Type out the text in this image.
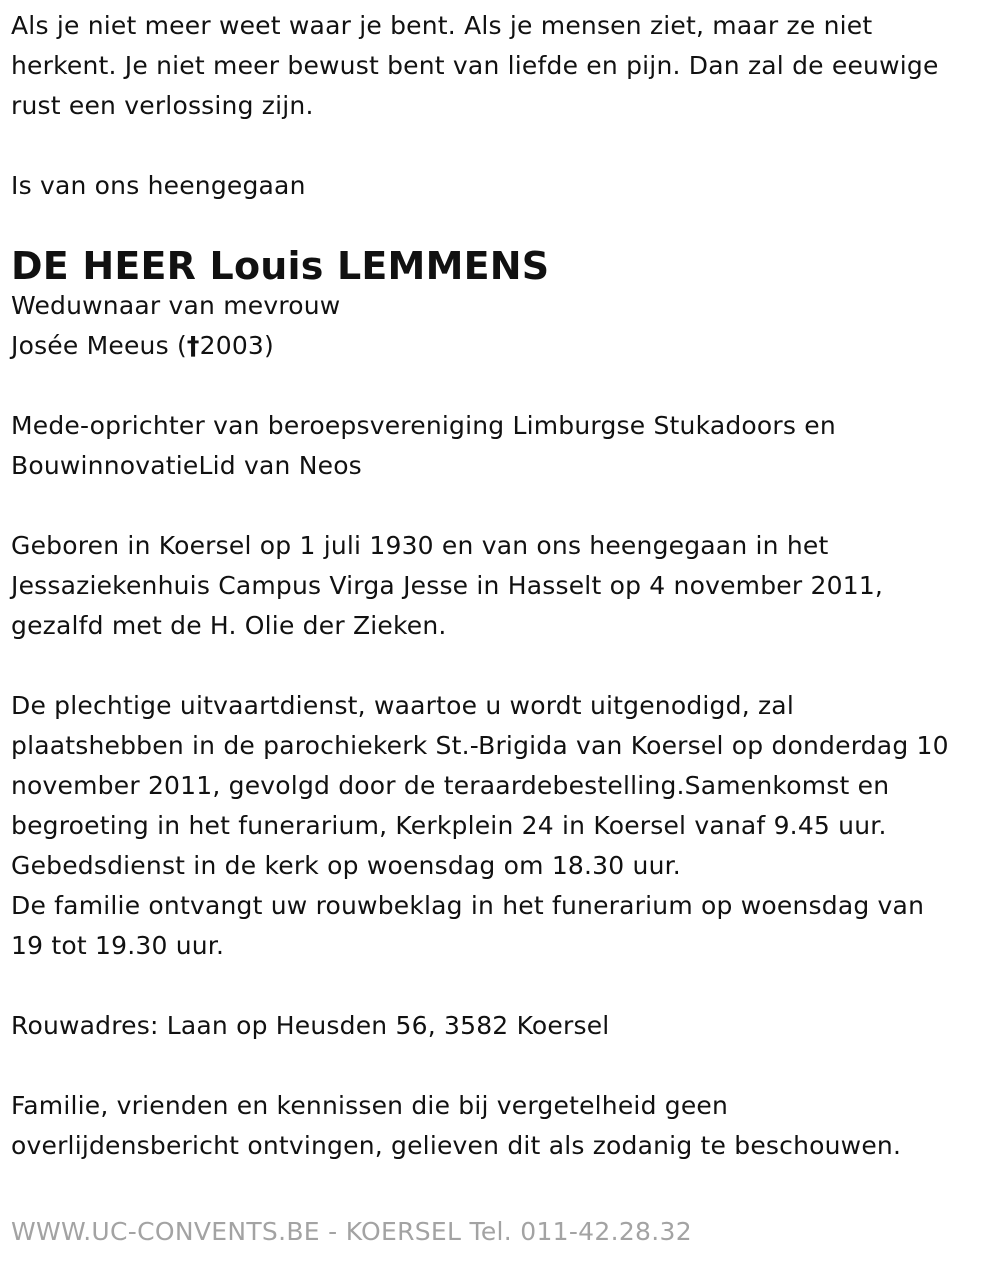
Als je niet meer weet waar je bent. Als je mensen ziet, maar ze niet
herkent. Je niet meer bewust bent van liefde en pijn. Dan zal de eeuwige
rust een verlossing zijn.
Is van ons heengegaan
DE HEER Louis LEMMENS
Weduwnaar van mevrouw
Josée Meeus (†2003)
Mede-oprichter van beroepsvereniging Limburgse Stukadoors en
BouwinnovatieLid van Neos
Geboren in Koersel op 1 juli 1930 en van ons heengegaan in het
Jessaziekenhuis Campus Virga Jesse in Hasselt op 4 november 2011,
gezalfd met de H. Olie der Zieken.
De plechtige uitvaartdienst, waartoe u wordt uitgenodigd, zal
plaatshebben in de parochiekerk St.-Brigida van Koersel op donderdag 10
november 2011, gevolgd door de teraardebestelling.Samenkomst en
begroeting in het funerarium, Kerkplein 24 in Koersel vanaf 9.45 uur.
Gebedsdienst in de kerk op woensdag om 18.30 uur.
De familie ontvangt uw rouwbeklag in het funerarium op woensdag van
19 tot 19.30 uur.
Rouwadres: Laan op Heusden 56, 3582 Koersel
Familie, vrienden en kennissen die bij vergetelheid geen
overlijdensbericht ontvingen, gelieven dit als zodanig te beschouwen.
WWW.UC-CONVENTS.BE - KOERSEL Tel. 011-42.28.32
